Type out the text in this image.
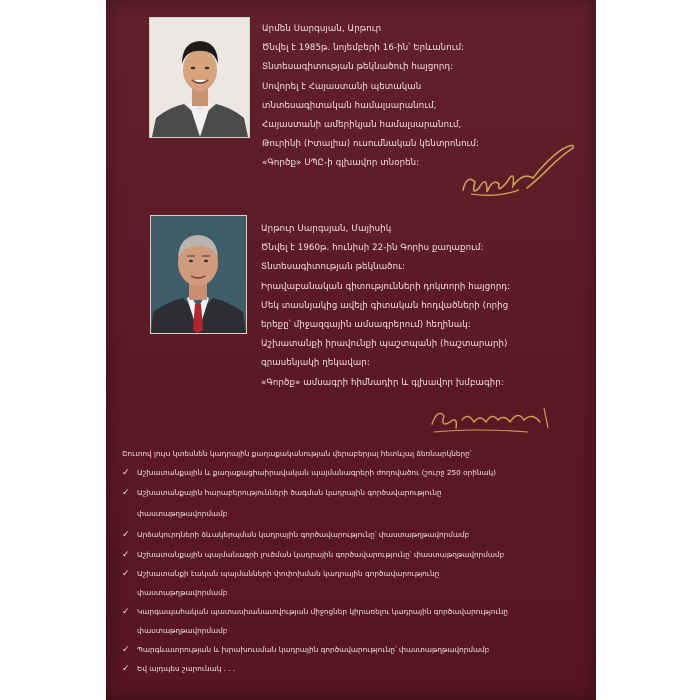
Արմեն Սարգսյան, Արթուր
Ծնվել է 1985թ. նոյեմբերի 16-ին՝ Երևանում:
Տնտեսագիտության թեկնածուի հայցորդ:
Սովորել է Հայաստանի պետական
տնտեսագիտական համալսարանում,
Հայաստանի ամերիկյան համալսարանում,
Թուրինի (Իտալիա) ուսումնական կենտրոնում:
«Գործք» ՍՊԸ-ի գլխավոր տնօրեն:
Արթուր Սարգսյան, Մայիսիկ
Ծնվել է 1960թ. հունիսի 22-ին Գորիս քաղաքում:
Տնտեսագիտության թեկնածու:
Իրավաբանական գիտությունների դոկտորի հայցորդ:
Մեկ տասնյակից ավելի գիտական հոդվածների (որից
երեքը՝ միջազգային ամսագրերում) հեղինակ:
Աշխատանքի իրավունքի պաշտպանի (հաշտարարի)
գրասենյակի ղեկավար:
«Գործք» ամսագրի հիմնադիր և գլխավոր խմբագիր:
Շուտով լույս կտեսնեն կադրային քաղաքականության վերաբերյալ հետևյալ ձեռնարկները՝
✓ Աշխատանքային և քաղաքացիաիրավական պայմանագրերի ժողովածու (շուրջ 250 օրինակ)
✓ Աշխատանքային հարաբերությունների ծագման կադրային գործավարությունը
փաստաթղթավորմամբ
✓ Արձակուրդների ձևակերպման կադրային գործավարությունը՝ փաստաթղթավորմամբ
✓ Աշխատանքային պայմանագրի լուծման կադրային գործավարությունը՝ փաստաթղթավորմամբ
✓ Աշխատանքի էական պայմանների փոփոխման կադրային գործավարությունը
փաստաթղթավորմամբ
✓ Կարգապահական պատասխանատվության միջոցներ կիրառելու կադրային գործավարությունը
փաստաթղթավորմամբ
✓ Պարգևատրության և խրախուսման կադրային գործավարությունը՝ փաստաթղթավորմամբ
✓ Եվ այդպես շարունակ . . .
